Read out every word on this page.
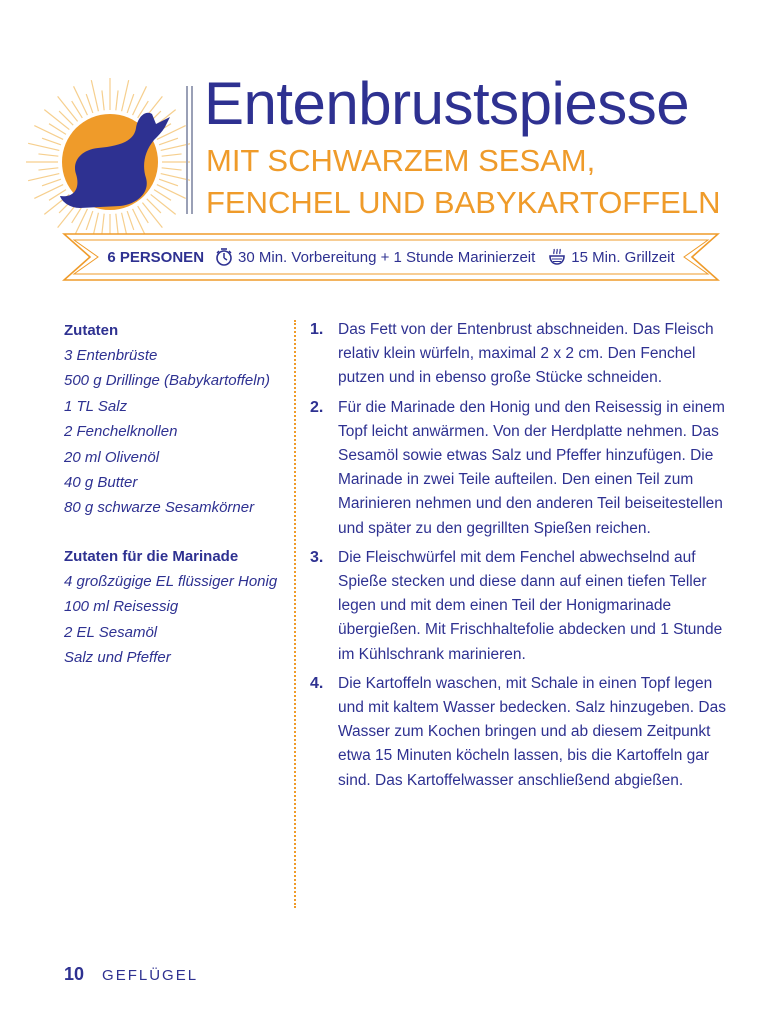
Entenbrustspiesse
MIT SCHWARZEM SESAM,
FENCHEL UND BABYKARTOFFELN
6 PERSONEN 30 Min. Vorbereitung + 1 Stunde Marinierzeit 15 Min. Grillzeit
Zutaten
3 Entenbrüste
500 g Drillinge (Babykartoffeln)
1 TL Salz
2 Fenchelknollen
20 ml Olivenöl
40 g Butter
80 g schwarze Sesamkörner
Zutaten für die Marinade
4 großzügige EL flüssiger Honig
100 ml Reisessig
2 EL Sesamöl
Salz und Pfeffer
1. Das Fett von der Entenbrust abschneiden. Das Fleisch relativ klein würfeln, maximal 2 x 2 cm. Den Fenchel putzen und in ebenso große Stücke schneiden.
2. Für die Marinade den Honig und den Reisessig in einem Topf leicht anwärmen. Von der Herdplatte nehmen. Das Sesamöl sowie etwas Salz und Pfeffer hinzufügen. Die Marinade in zwei Teile aufteilen. Den einen Teil zum Marinieren nehmen und den anderen Teil beiseitestellen und später zu den gegrillten Spießen reichen.
3. Die Fleischwürfel mit dem Fenchel abwechselnd auf Spieße stecken und diese dann auf einen tiefen Teller legen und mit dem einen Teil der Honigmarinade übergießen. Mit Frischhaltefolie abdecken und 1 Stunde im Kühlschrank marinieren.
4. Die Kartoffeln waschen, mit Schale in einen Topf legen und mit kaltem Wasser bedecken. Salz hinzugeben. Das Wasser zum Kochen bringen und ab diesem Zeitpunkt etwa 15 Minuten köcheln lassen, bis die Kartoffeln gar sind. Das Kartoffelwasser anschließend abgießen.
10 GEFLÜGEL
